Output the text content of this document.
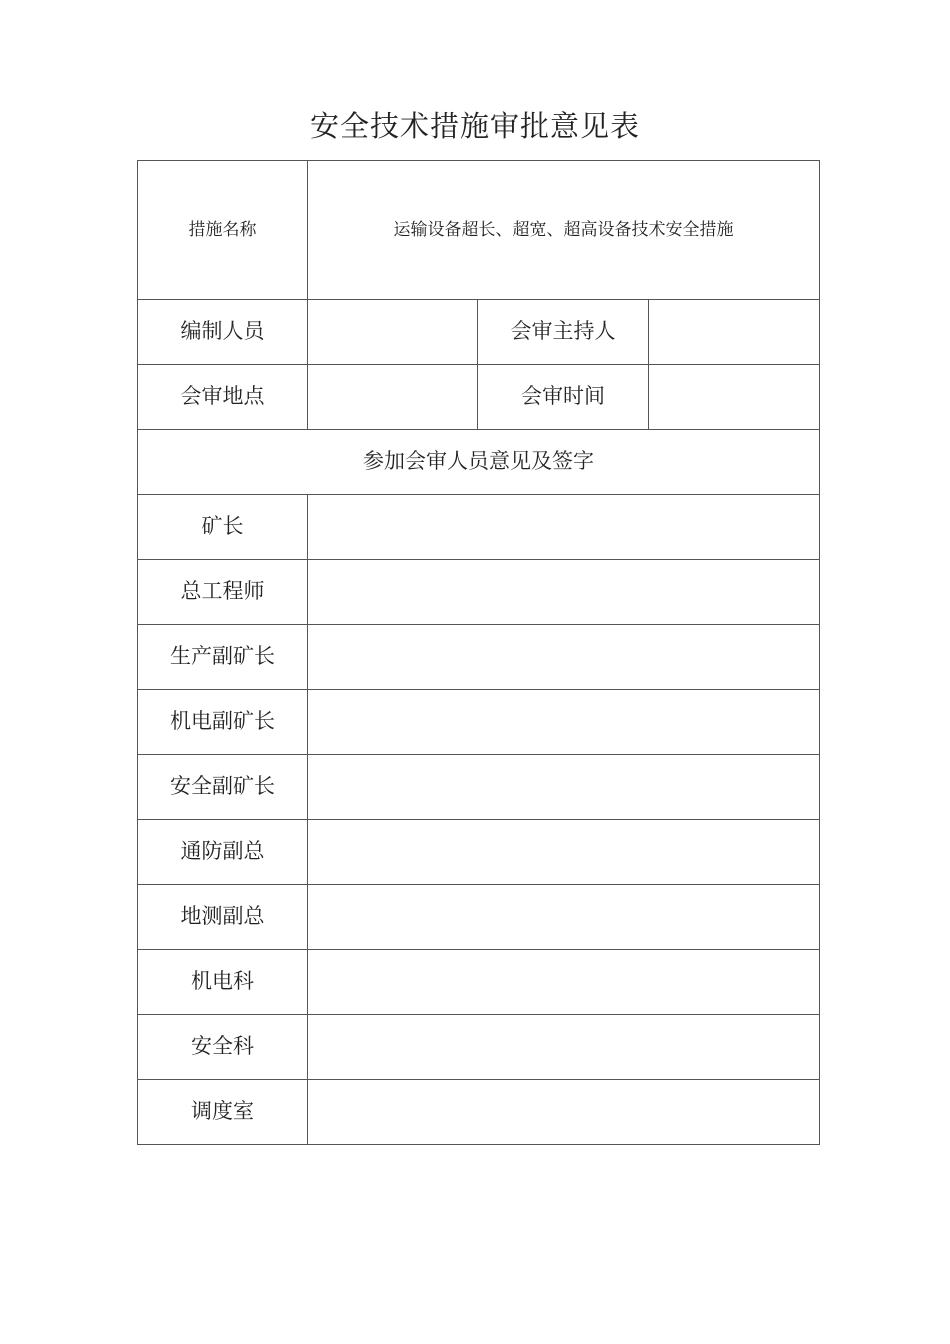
安全技术措施审批意见表
措施名称	运输设备超长、超宽、超高设备技术安全措施		
编制人员		会审主持人	
会审地点		会审时间	
参加会审人员意见及签字			
矿长			
总工程师			
生产副矿长			
机电副矿长			
安全副矿长			
通防副总			
地测副总			
机电科			
安全科			
调度室			
